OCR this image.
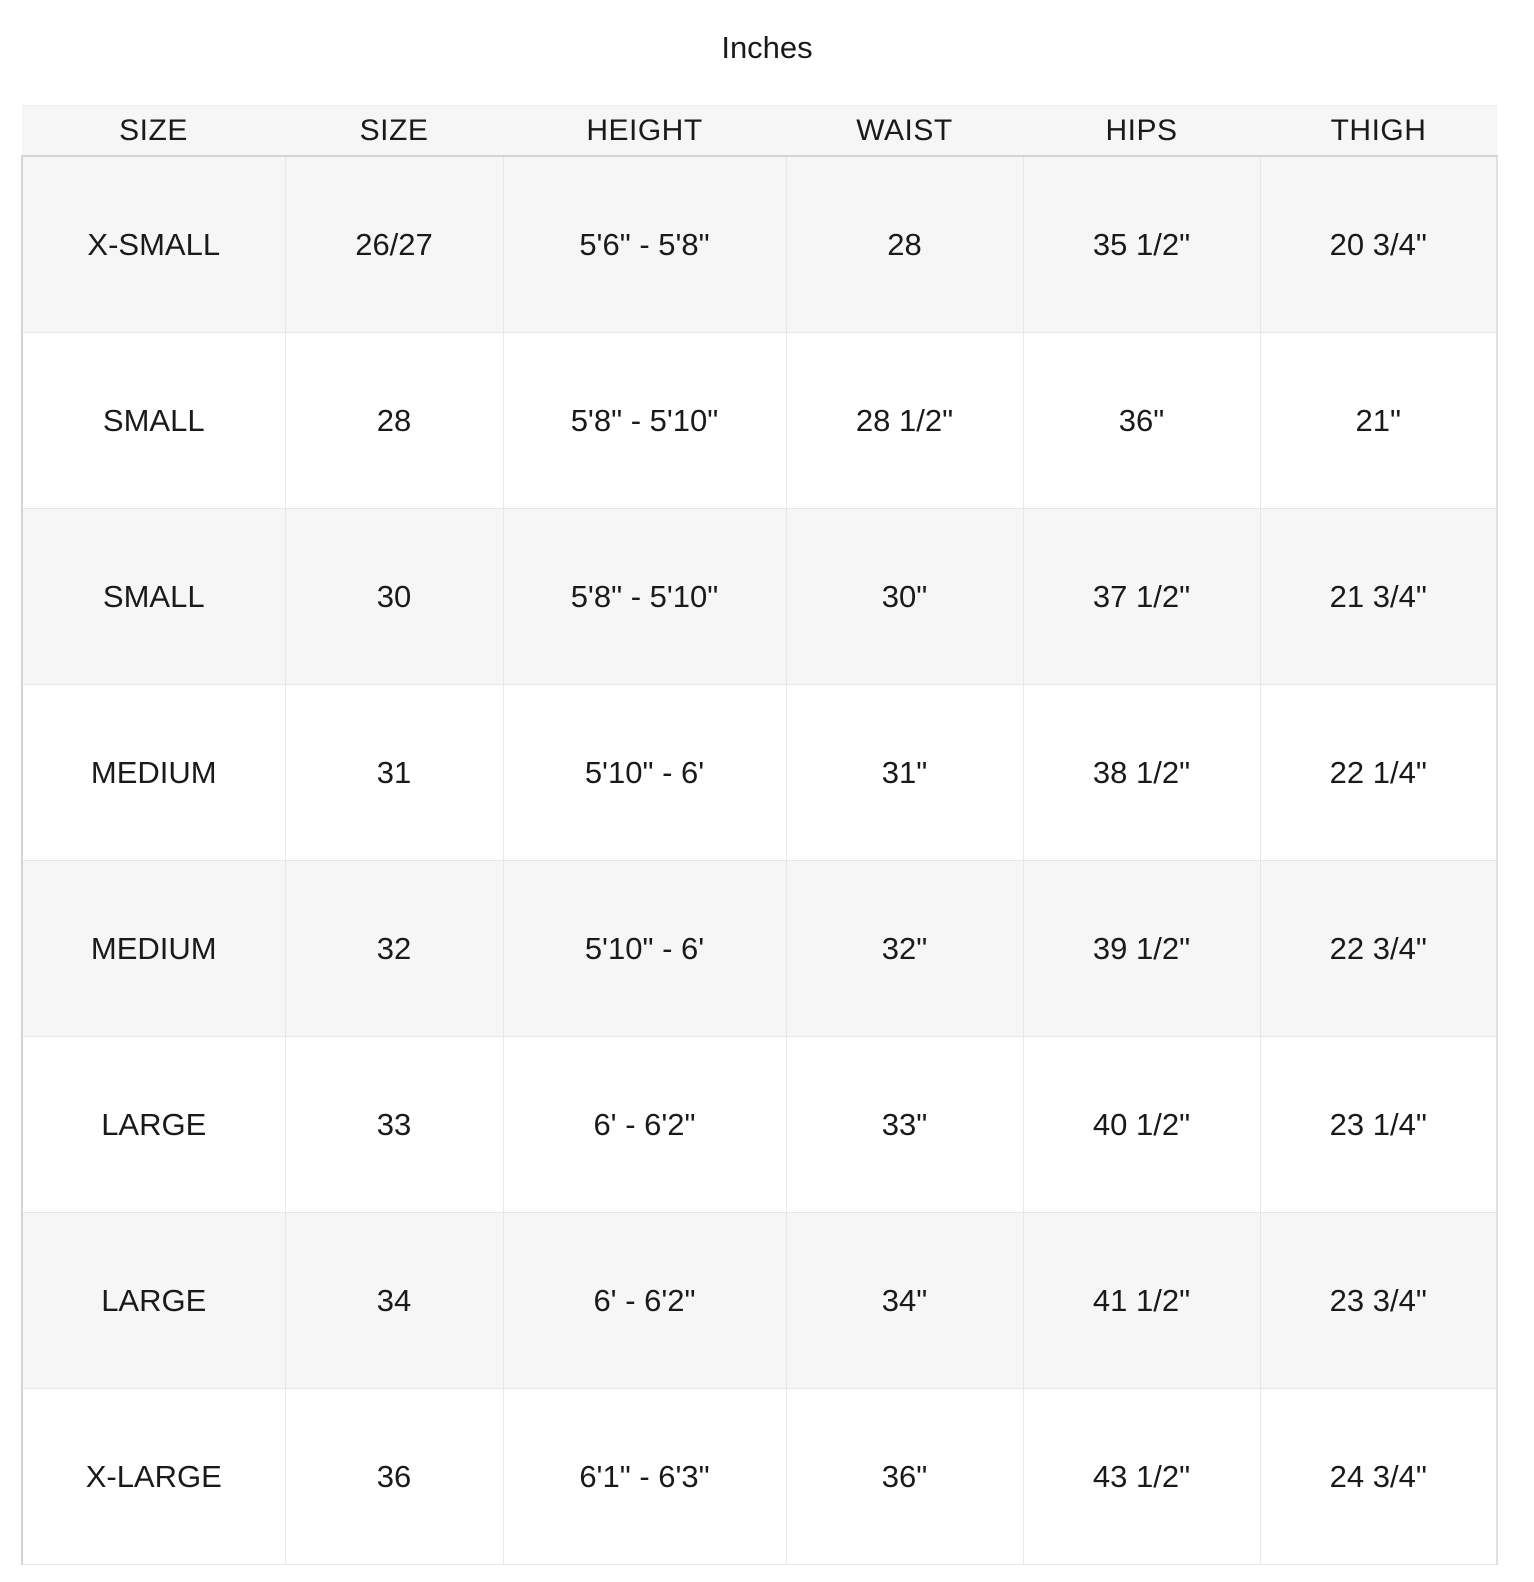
Inches
SIZE	SIZE	HEIGHT	WAIST	HIPS	THIGH
X-SMALL	26/27	5'6" - 5'8"	28	35 1/2"	20 3/4"
SMALL	28	5'8" - 5'10"	28 1/2"	36"	21"
SMALL	30	5'8" - 5'10"	30"	37 1/2"	21 3/4"
MEDIUM	31	5'10" - 6'	31"	38 1/2"	22 1/4"
MEDIUM	32	5'10" - 6'	32"	39 1/2"	22 3/4"
LARGE	33	6' - 6'2"	33"	40 1/2"	23 1/4"
LARGE	34	6' - 6'2"	34"	41 1/2"	23 3/4"
X-LARGE	36	6'1" - 6'3"	36"	43 1/2"	24 3/4"
